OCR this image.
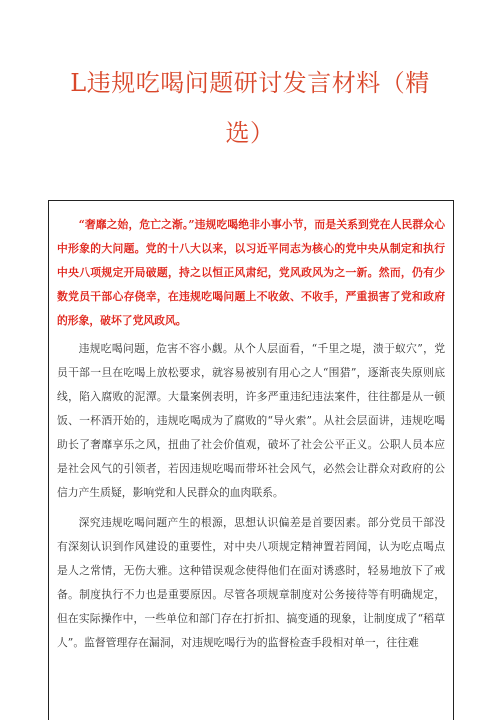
L违规吃喝问题研讨发言材料（精
选）

“奢靡之始，危亡之渐。”违规吃喝绝非小事小节，而是关系到党在人民群众心中形象的大问题。党的十八大以来，以习近平同志为核心的党中央从制定和执行中央八项规定开局破题，持之以恒正风肃纪，党风政风为之一新。然而，仍有少数党员干部心存侥幸，在违规吃喝问题上不收敛、不收手，严重损害了党和政府的形象，破坏了党风政风。

违规吃喝问题，危害不容小觑。从个人层面看，“千里之堤，溃于蚁穴”，党员干部一旦在吃喝上放松要求，就容易被别有用心之人“围猎”，逐渐丧失原则底线，陷入腐败的泥潭。大量案例表明，许多严重违纪违法案件，往往都是从一顿饭、一杯酒开始的，违规吃喝成为了腐败的“导火索”。从社会层面讲，违规吃喝助长了奢靡享乐之风，扭曲了社会价值观，破坏了社会公平正义。公职人员本应是社会风气的引领者，若因违规吃喝而带坏社会风气，必然会让群众对政府的公信力产生质疑，影响党和人民群众的血肉联系。

深究违规吃喝问题产生的根源，思想认识偏差是首要因素。部分党员干部没有深刻认识到作风建设的重要性，对中央八项规定精神置若罔闻，认为吃点喝点是人之常情，无伤大雅。这种错误观念使得他们在面对诱惑时，轻易地放下了戒备。制度执行不力也是重要原因。尽管各项规章制度对公务接待等有明确规定，但在实际操作中，一些单位和部门存在打折扣、搞变通的现象，让制度成了“稻草人”。监督管理存在漏洞，对违规吃喝行为的监督检查手段相对单一，往往难
